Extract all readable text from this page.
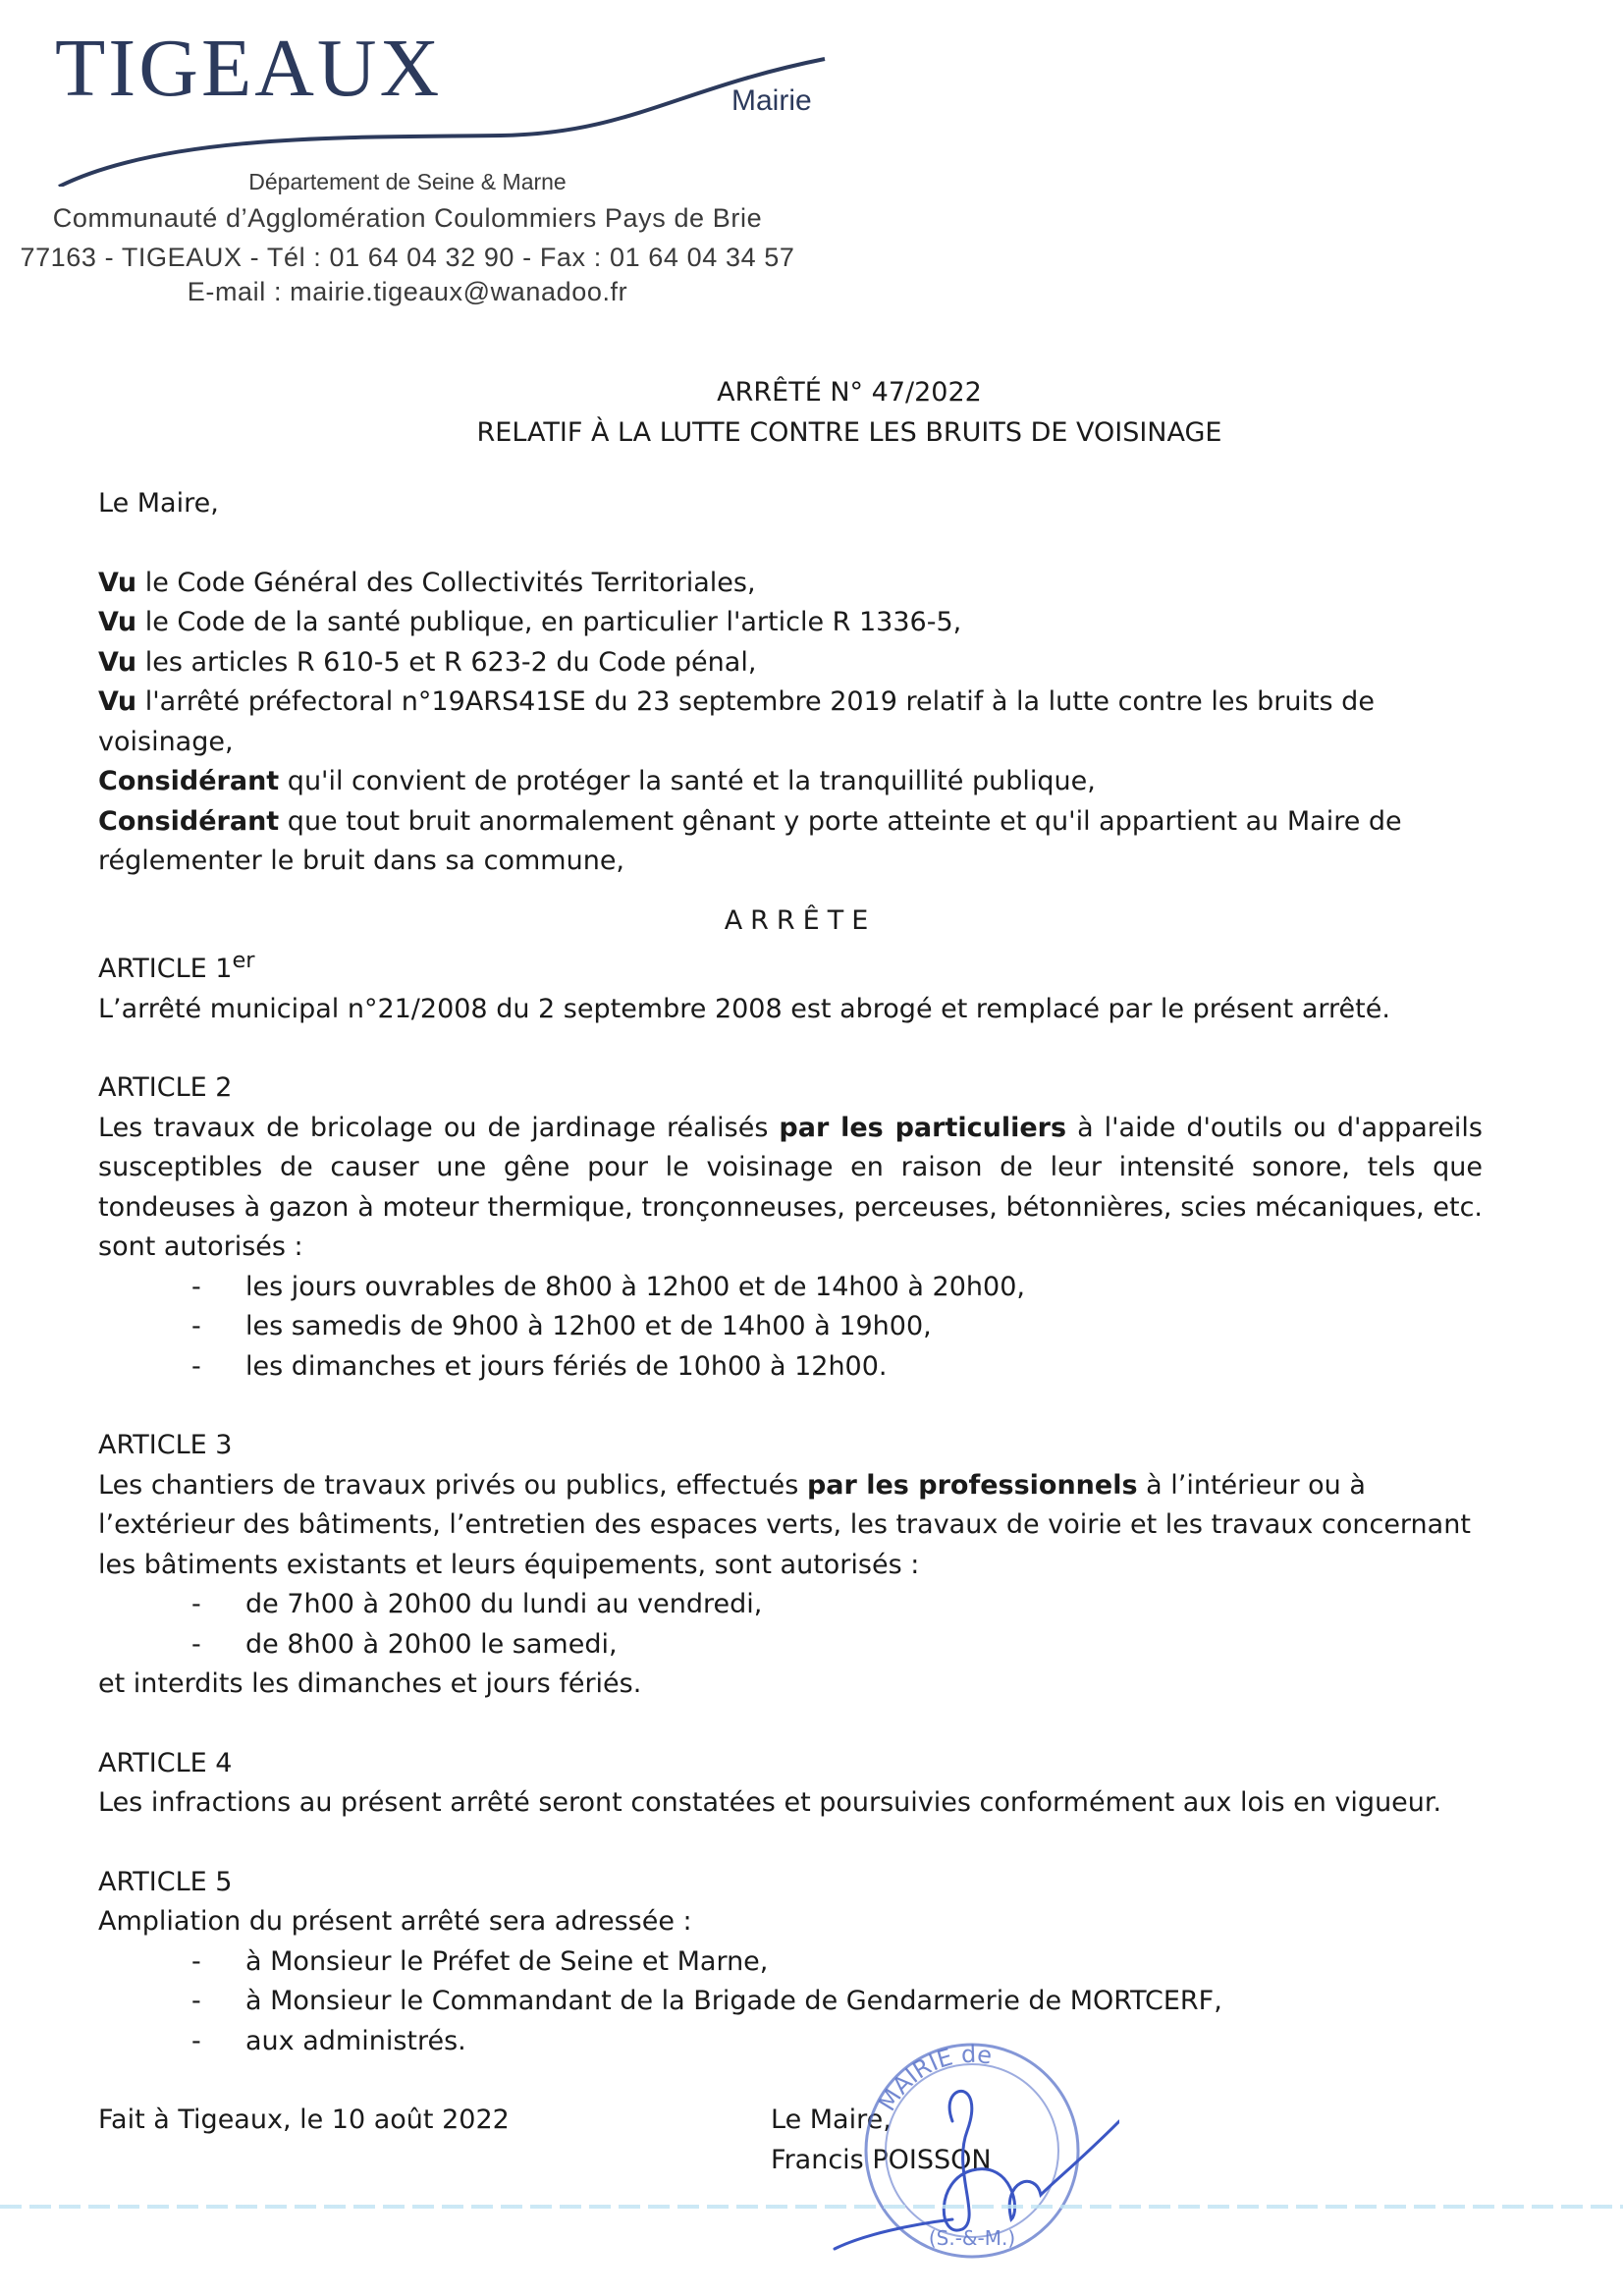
TIGEAUX	Mairie
Département de Seine & Marne
Communauté d’Agglomération Coulommiers Pays de Brie
77163 - TIGEAUX - Tél : 01 64 04 32 90 - Fax : 01 64 04 34 57
E-mail : mairie.tigeaux@wanadoo.fr

ARRÊTÉ N° 47/2022

RELATIF À LA LUTTE CONTRE LES BRUITS DE VOISINAGE

Le Maire,

Vu le Code Général des Collectivités Territoriales,

Vu le Code de la santé publique, en particulier l'article R 1336-5,

Vu les articles R 610-5 et R 623-2 du Code pénal,

Vu l'arrêté préfectoral n°19ARS41SE du 23 septembre 2019 relatif à la lutte contre les bruits de voisinage,

Considérant qu'il convient de protéger la santé et la tranquillité publique,

Considérant que tout bruit anormalement gênant y porte atteinte et qu'il appartient au Maire de réglementer le bruit dans sa commune,

ARRÊTE

ARTICLE 1er

L’arrêté municipal n°21/2008 du 2 septembre 2008 est abrogé et remplacé par le présent arrêté.

ARTICLE 2

Les travaux de bricolage ou de jardinage réalisés par les particuliers à l'aide d'outils ou d'appareils susceptibles de causer une gêne pour le voisinage en raison de leur intensité sonore, tels que tondeuses à gazon à moteur thermique, tronçonneuses, perceuses, bétonnières, scies mécaniques, etc. sont autorisés :

- les jours ouvrables de 8h00 à 12h00 et de 14h00 à 20h00,
- les samedis de 9h00 à 12h00 et de 14h00 à 19h00,
- les dimanches et jours fériés de 10h00 à 12h00.

ARTICLE 3

Les chantiers de travaux privés ou publics, effectués par les professionnels à l’intérieur ou à l’extérieur des bâtiments, l’entretien des espaces verts, les travaux de voirie et les travaux concernant les bâtiments existants et leurs équipements, sont autorisés :

- de 7h00 à 20h00 du lundi au vendredi,
- de 8h00 à 20h00 le samedi,

et interdits les dimanches et jours fériés.

ARTICLE 4

Les infractions au présent arrêté seront constatées et poursuivies conformément aux lois en vigueur.

ARTICLE 5

Ampliation du présent arrêté sera adressée :

- à Monsieur le Préfet de Seine et Marne,
- à Monsieur le Commandant de la Brigade de Gendarmerie de MORTCERF,
- aux administrés.

Fait à Tigeaux, le 10 août 2022	Le Maire,

Francis POISSON

MAIRIE de
(S.-&-M.)
